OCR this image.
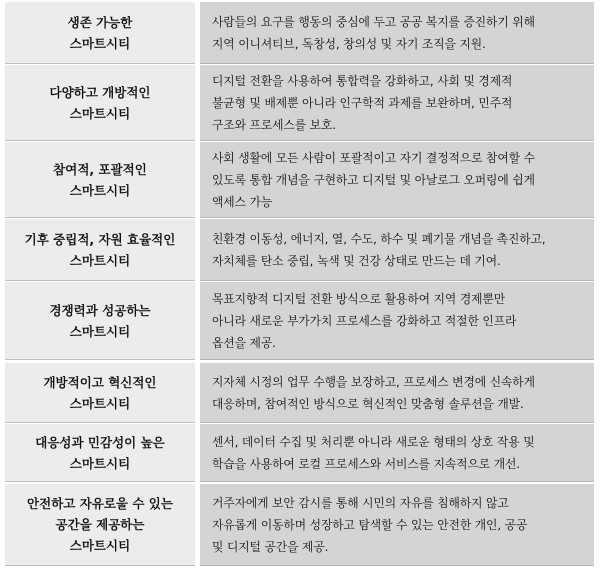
생존 가능한
스마트시티
사람들의 요구를 행동의 중심에 두고 공공 복지를 증진하기 위해
지역 이니셔티브, 독창성, 창의성 및 자기 조직을 지원.
다양하고 개방적인
스마트시티
디지털 전환을 사용하여 통합력을 강화하고, 사회 및 경제적
불균형 및 배제뿐 아니라 인구학적 과제를 보완하며, 민주적
구조와 프로세스를 보호.
참여적, 포괄적인
스마트시티
사회 생활에 모든 사람이 포괄적이고 자기 결정적으로 참여할 수
있도록 통합 개념을 구현하고 디지털 및 아날로그 오퍼링에 쉽게
액세스 가능
기후 중립적, 자원 효율적인
스마트시티
친환경 이동성, 에너지, 열, 수도, 하수 및 폐기물 개념을 촉진하고,
자치체를 탄소 중립, 녹색 및 건강 상태로 만드는 데 기여.
경쟁력과 성공하는
스마트시티
목표지향적 디지털 전환 방식으로 활용하여 지역 경제뿐만
아니라 새로운 부가가치 프로세스를 강화하고 적절한 인프라
옵션을 제공.
개방적이고 혁신적인
스마트시티
지자체 시정의 업무 수행을 보장하고, 프로세스 변경에 신속하게
대응하며, 참여적인 방식으로 혁신적인 맞춤형 솔루션을 개발.
대응성과 민감성이 높은
스마트시티
센서, 데이터 수집 및 처리뿐 아니라 새로운 형태의 상호 작용 및
학습을 사용하여 로컬 프로세스와 서비스를 지속적으로 개선.
안전하고 자유로울 수 있는
공간을 제공하는
스마트시티
거주자에게 보안 감시를 통해 시민의 자유를 침해하지 않고
자유롭게 이동하며 성장하고 탐색할 수 있는 안전한 개인, 공공
및 디지털 공간을 제공.
